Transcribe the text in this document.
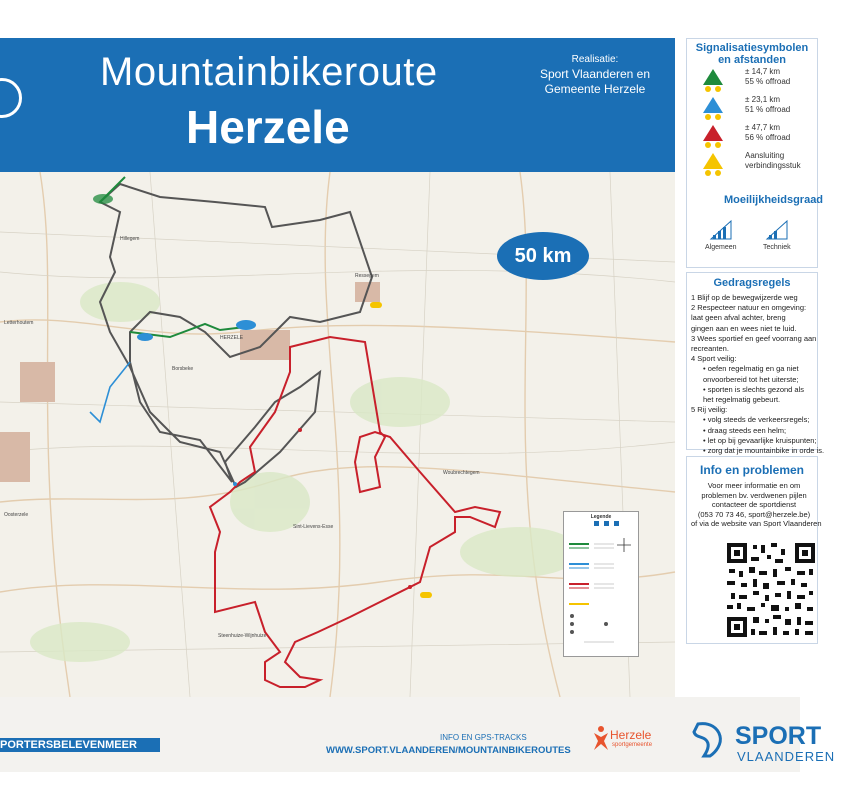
Mountainbikeroute
Herzele
Realisatie:
Sport Vlaanderen en
Gemeente Herzele
Hillegem
Ressegem
HERZELE
Woubrechtegem
Sint-Lievens-Esse
Steenhuize-Wijnhuize
Oosterzele
Borsbeke
Letterhoutem
50 km
Legende
Signalisatiesymbolen
en afstanden
± 14,7 km
55 % offroad
± 23,1 km
51 % offroad
± 47,7 km
56 % offroad
Aansluiting
verbindingsstuk
Moeilijkheidsgraad
Algemeen	Techniek
Gedragsregels
1 Blijf op de bewegwijzerde weg
2 Respecteer natuur en omgeving:
laat geen afval achter, breng
gingen aan en wees niet te luid.
3 Wees sportief en geef voorrang aan
recreanten.
4 Sport veilig:
• oefen regelmatig en ga niet
onvoorbereid tot het uiterste;
• sporten is slechts gezond als
het regelmatig gebeurt.
5 Rij veilig:
• volg steeds de verkeersregels;
• draag steeds een helm;
• let op bij gevaarlijke kruispunten;
• zorg dat je mountainbike in orde is.
Info en problemen
Voor meer informatie en om
problemen bv. verdwenen pijlen
contacteer de sportdienst
(053 70 73 46, sport@herzele.be)
of via de website van Sport Vlaanderen
PORTERSBELEVENMEER
INFO EN GPS-TRACKS
WWW.SPORT.VLAANDEREN/MOUNTAINBIKEROUTES
Herzele
sportgemeente	SPORT
VLAANDEREN
